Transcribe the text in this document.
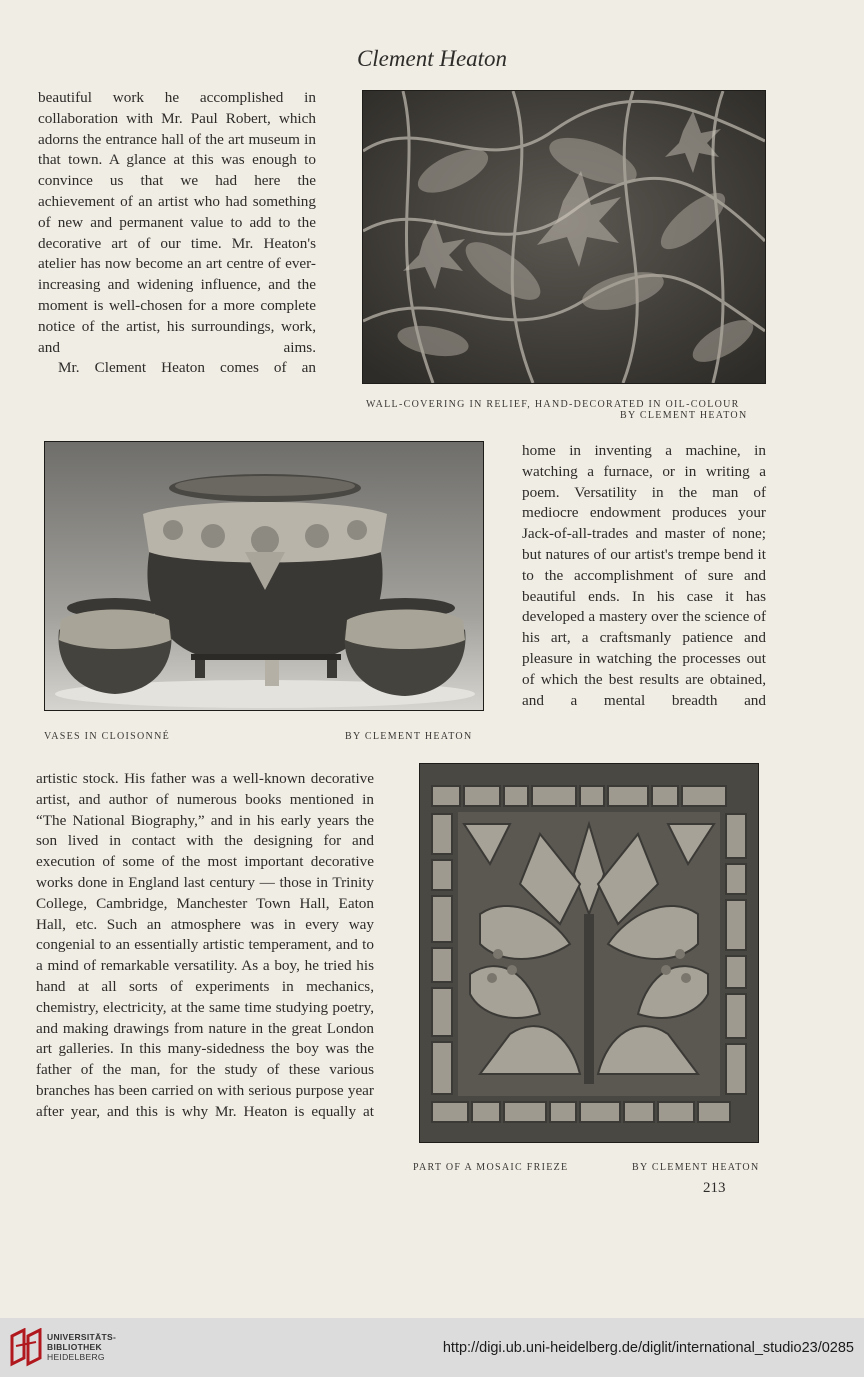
Clement Heaton

beautiful work he accomplished in collaboration with Mr. Paul Robert, which adorns the entrance hall of the art museum in that town. A glance at this was enough to convince us that we had here the achievement of an artist who had something of new and permanent value to add to the decorative art of our time. Mr. Heaton's atelier has now become an art centre of ever-increasing and widening influence, and the moment is well-chosen for a more complete notice of the artist, his surroundings, work, and aims.

Mr. Clement Heaton comes of an

WALL-COVERING IN RELIEF, HAND-DECORATED IN OIL-COLOUR
BY CLEMENT HEATON
VASES IN CLOISONNÉ	BY CLEMENT HEATON

home in inventing a machine, in watching a furnace, or in writing a poem. Versatility in the man of mediocre endowment produces your Jack-of-all-trades and master of none; but natures of our artist's trempe bend it to the accomplishment of sure and beautiful ends. In his case it has developed a mastery over the science of his art, a craftsmanly patience and pleasure in watching the processes out of which the best results are obtained, and a mental breadth and

artistic stock. His father was a well-known decorative artist, and author of numerous books mentioned in “The National Biography,” and in his early years the son lived in contact with the designing for and execution of some of the most important decorative works done in England last century — those in Trinity College, Cambridge, Manchester Town Hall, Eaton Hall, etc. Such an atmosphere was in every way congenial to an essentially artistic temperament, and to a mind of remarkable versatility. As a boy, he tried his hand at all sorts of experiments in mechanics, chemistry, electricity, at the same time studying poetry, and making drawings from nature in the great London art galleries. In this many-sidedness the boy was the father of the man, for the study of these various branches has been carried on with serious purpose year after year, and this is why Mr. Heaton is equally at

PART OF A MOSAIC FRIEZE	BY CLEMENT HEATON
213
UNIVERSITÄTS-
BIBLIOTHEK
HEIDELBERG
http://digi.ub.uni-heidelberg.de/diglit/international_studio23/0285
